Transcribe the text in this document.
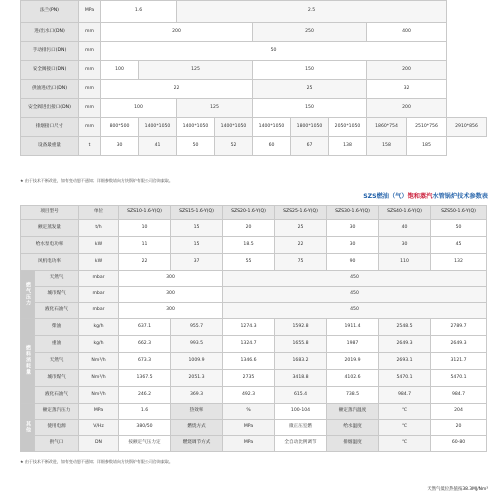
法兰(PN)	MPa	1.6		2.5							
进/出水口(DN)	mm	200				250			400		
手动排污口(DN)	mm	50									
安全阀接口(DN)	mm	100	125			150			200		
供油进/出口(DN)	mm	22				25			32		
安全阀进出接口(DN)	mm	100		125		150			200		
排烟接口尺寸	mm	800*500	1400*1050	1400*1050	1400*1050	1400*1050	1800*1050	2050*1050	1860*754	2510*756	2910*856
设备最重量	t	30	41	50	52	60	67	138	158	185	
★ 由于技术不断改进，如有变动恕不通知；详细参数请向方快锅炉有限公司咨询索取。
SZS燃油（气）饱和蒸汽水管锅炉技术参数表
项目型号		单位	SZS10-1.6-Y(Q)	SZS15-1.6-Y(Q)	SZS20-1.6-Y(Q)	SZS25-1.6-Y(Q)	SZS30-1.6-Y(Q)	SZS40-1.6-Y(Q)	SZS50-1.6-Y(Q)
额定蒸发量		t/h	10	15	20	25	30	40	50
给水泵电功率		kW	11	15	18.5	22	30	30	45
风机电功率		kW	22	37	55	75	90	110	132
燃气压力	天然气	mbar	300		450				
	城市煤气	mbar	300		450				
	液化石油气	mbar	300		450				
燃料消耗量	柴油	kg/h	637.1	955.7	1274.3	1592.8	1911.4	2548.5	2789.7
	重油	kg/h	662.3	993.5	1324.7	1655.8	1987	2649.3	2649.3
	天然气	Nm³/h	673.3	1009.9	1346.6	1683.2	2019.9	2693.1	3121.7
	城市煤气	Nm³/h	1367.5	2051.3	2735	3418.8	4102.6	5470.1	5470.1
	液化石油气	Nm³/h	246.2	369.3	492.3	615.4	738.5	984.7	984.7
其他	额定蒸汽压力	MPa	1.6	热效率	%	100-104	额定蒸汽温度	℃	204
	使用电源	V/Hz	380/50	燃烧方式	MPa	微正压室燃	给水温度	℃	20
	供气口	DN	按额定气压力定	燃烧调节方式	MPa	全自动比例调节	排烟温度	℃	60-80
★ 由于技术不断改进，如有变动恕不通知；详细参数请向方快锅炉有限公司咨询索取。
天然气低位热值按38.3MJ/Nm³
